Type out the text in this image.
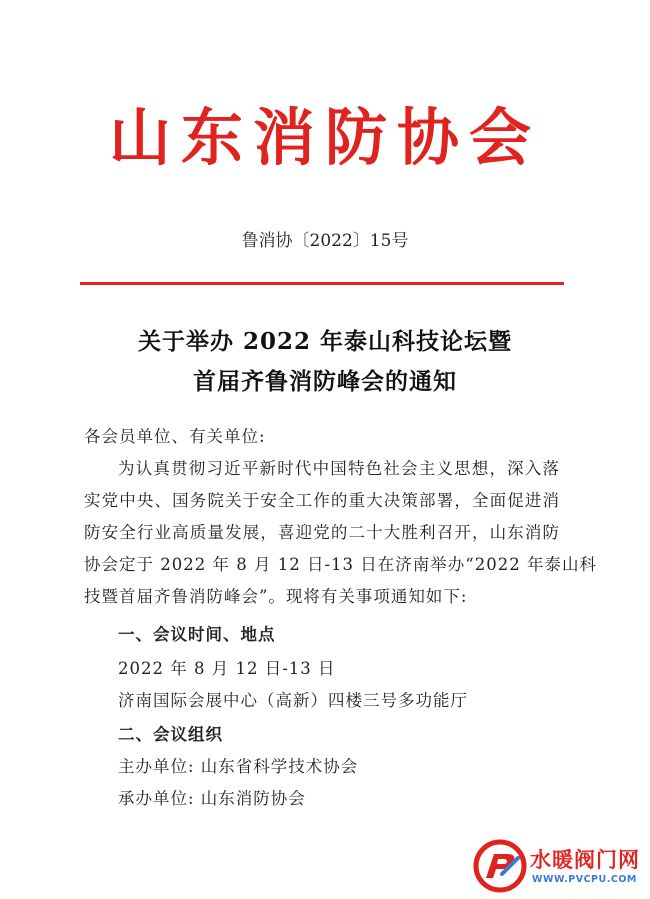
山东消防协会
鲁消协〔2022〕15号
关于举办 2022 年泰山科技论坛暨
首届齐鲁消防峰会的通知
各会员单位、有关单位:
为认真贯彻习近平新时代中国特色社会主义思想，深入落
实党中央、国务院关于安全工作的重大决策部署，全面促进消
防安全行业高质量发展，喜迎党的二十大胜利召开，山东消防
协会定于 2022 年 8 月 12 日-13 日在济南举办“2022 年泰山科
技暨首届齐鲁消防峰会”。现将有关事项通知如下:
一、会议时间、地点
2022 年 8 月 12 日-13 日
济南国际会展中心（高新）四楼三号多功能厅
二、会议组织
主办单位: 山东省科学技术协会
承办单位: 山东消防协会
水暖阀门网
WWW.PVCPU.COM
